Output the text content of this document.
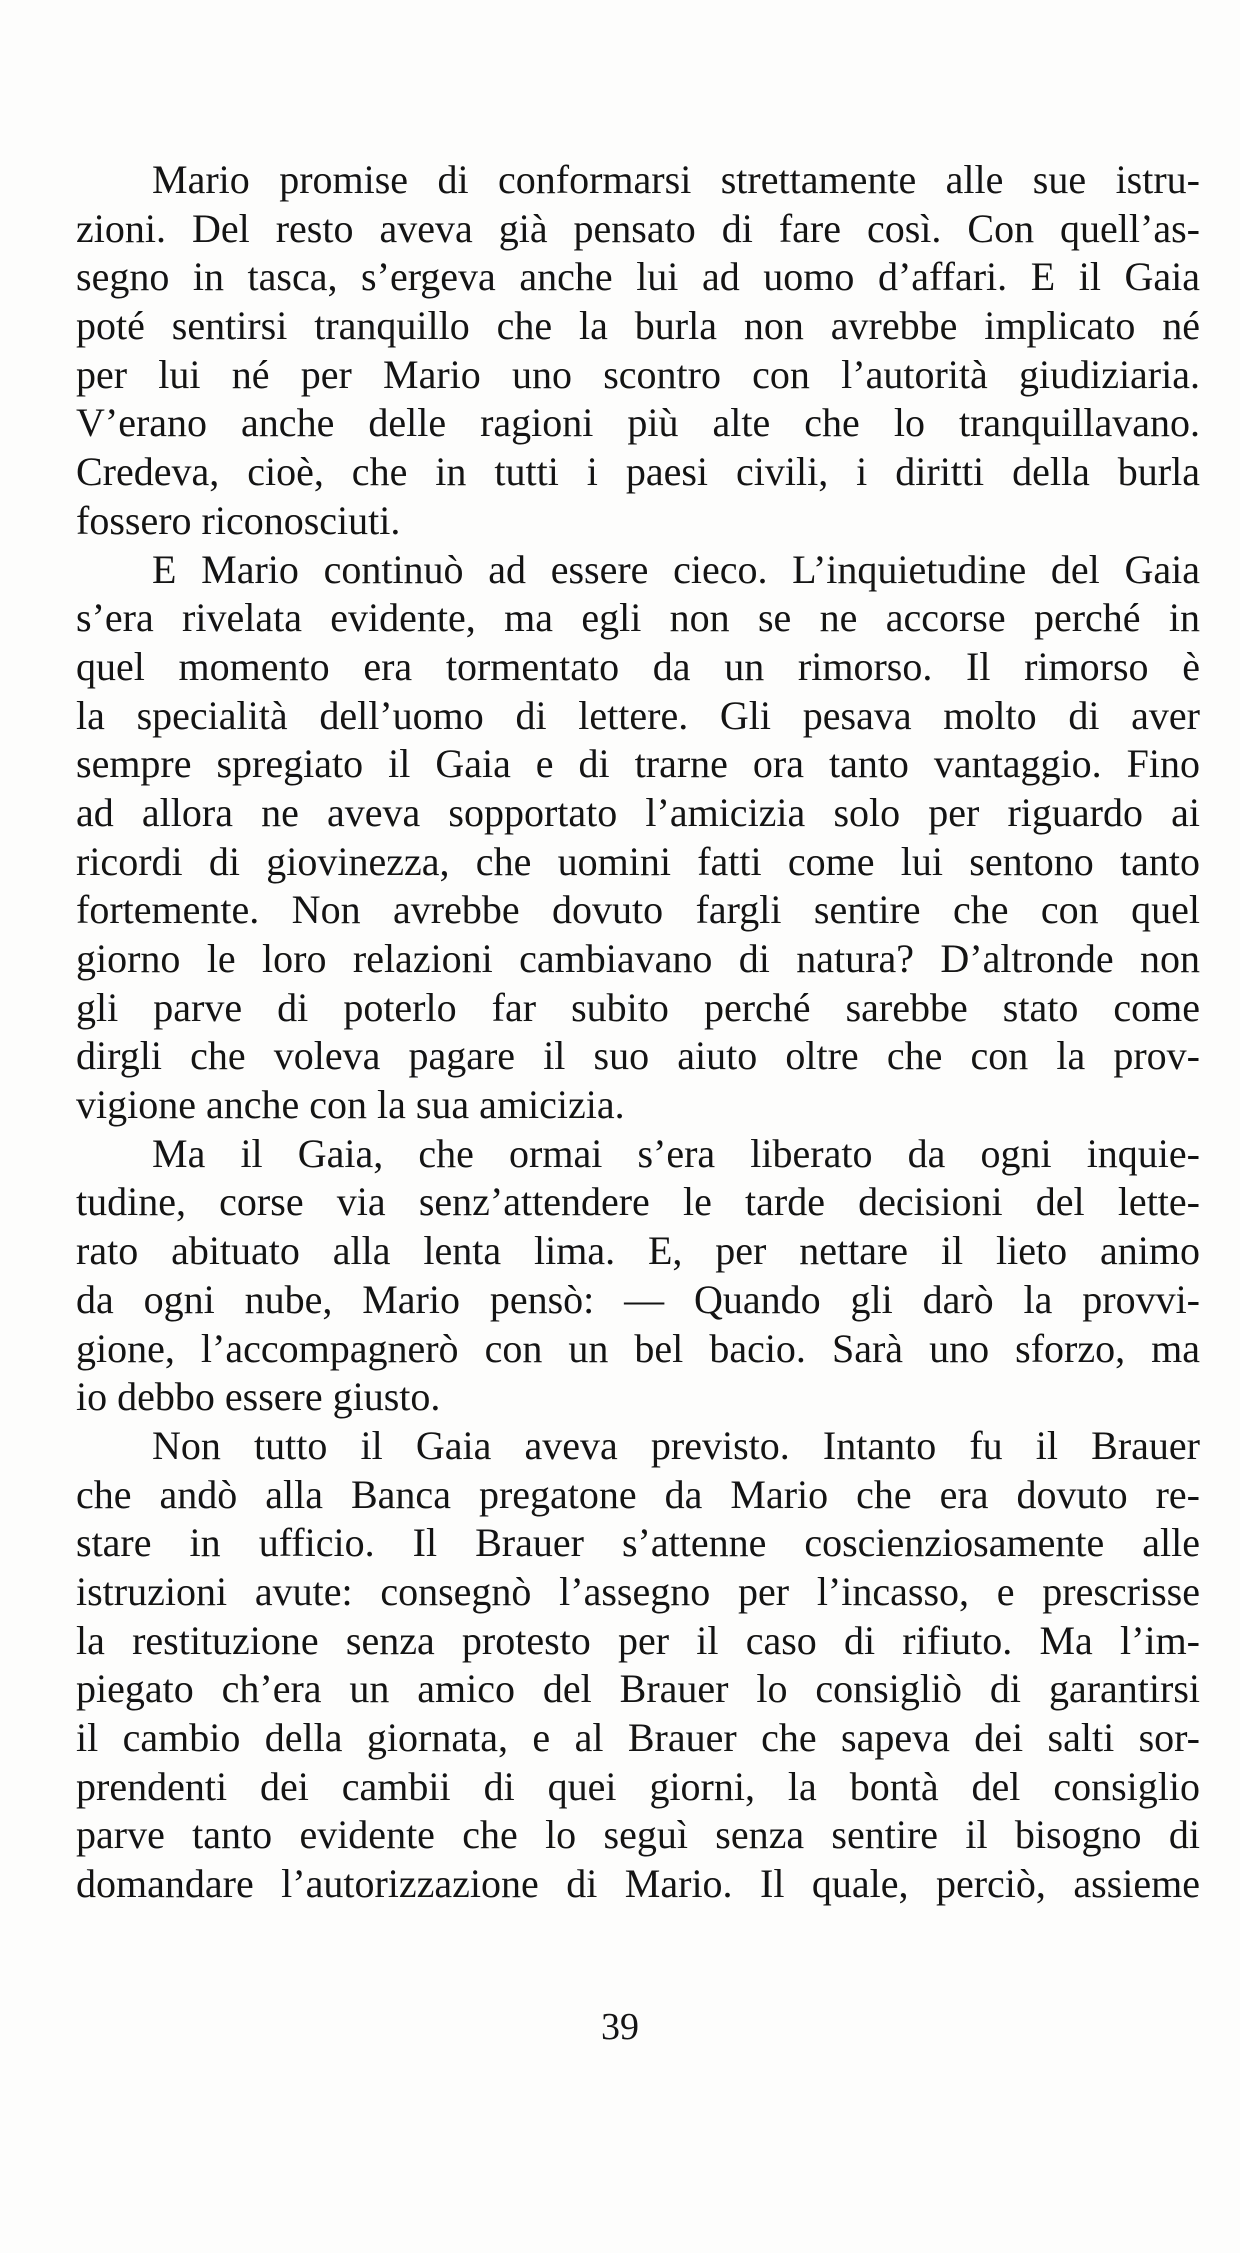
Mario promise di conformarsi strettamente alle sue istru-
zioni. Del resto aveva già pensato di fare così. Con quell’as-
segno in tasca, s’ergeva anche lui ad uomo d’affari. E il Gaia
poté sentirsi tranquillo che la burla non avrebbe implicato né
per lui né per Mario uno scontro con l’autorità giudiziaria.
V’erano anche delle ragioni più alte che lo tranquillavano.
Credeva, cioè, che in tutti i paesi civili, i diritti della burla
fossero riconosciuti.
E Mario continuò ad essere cieco. L’inquietudine del Gaia
s’era rivelata evidente, ma egli non se ne accorse perché in
quel momento era tormentato da un rimorso. Il rimorso è
la specialità dell’uomo di lettere. Gli pesava molto di aver
sempre spregiato il Gaia e di trarne ora tanto vantaggio. Fino
ad allora ne aveva sopportato l’amicizia solo per riguardo ai
ricordi di giovinezza, che uomini fatti come lui sentono tanto
fortemente. Non avrebbe dovuto fargli sentire che con quel
giorno le loro relazioni cambiavano di natura? D’altronde non
gli parve di poterlo far subito perché sarebbe stato come
dirgli che voleva pagare il suo aiuto oltre che con la prov-
vigione anche con la sua amicizia.
Ma il Gaia, che ormai s’era liberato da ogni inquie-
tudine, corse via senz’attendere le tarde decisioni del lette-
rato abituato alla lenta lima. E, per nettare il lieto animo
da ogni nube, Mario pensò: — Quando gli darò la provvi-
gione, l’accompagnerò con un bel bacio. Sarà uno sforzo, ma
io debbo essere giusto.
Non tutto il Gaia aveva previsto. Intanto fu il Brauer
che andò alla Banca pregatone da Mario che era dovuto re-
stare in ufficio. Il Brauer s’attenne coscienziosamente alle
istruzioni avute: consegnò l’assegno per l’incasso, e prescrisse
la restituzione senza protesto per il caso di rifiuto. Ma l’im-
piegato ch’era un amico del Brauer lo consigliò di garantirsi
il cambio della giornata, e al Brauer che sapeva dei salti sor-
prendenti dei cambii di quei giorni, la bontà del consiglio
parve tanto evidente che lo seguì senza sentire il bisogno di
domandare l’autorizzazione di Mario. Il quale, perciò, assieme
39
